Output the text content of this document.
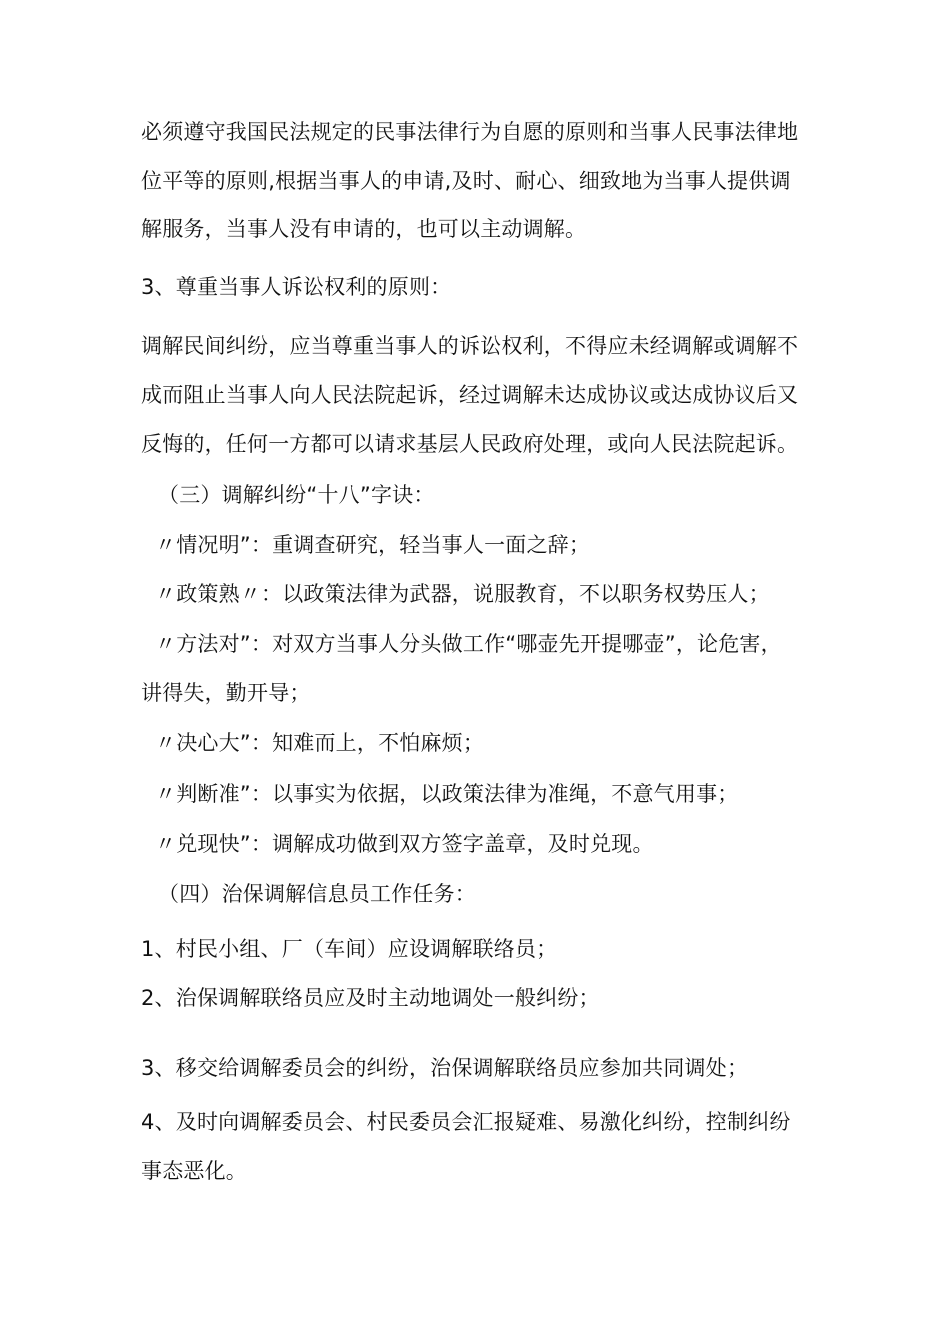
必须遵守我国民法规定的民事法律行为自愿的原则和当事人民事法律地
位平等的原则,根据当事人的申请,及时、耐心、细致地为当事人提供调
解服务，当事人没有申请的，也可以主动调解。
3、尊重当事人诉讼权利的原则：
调解民间纠纷，应当尊重当事人的诉讼权利，不得应未经调解或调解不
成而阻止当事人向人民法院起诉，经过调解未达成协议或达成协议后又
反悔的，任何一方都可以请求基层人民政府处理，或向人民法院起诉。
（三）调解纠纷“十八”字诀：
〃情况明”：重调查研究，轻当事人一面之辞；
〃政策熟〃：以政策法律为武器，说服教育，不以职务权势压人；
〃方法对”：对双方当事人分头做工作“哪壶先开提哪壶”，论危害，
讲得失，勤开导；
〃决心大”：知难而上，不怕麻烦；
〃判断准”：以事实为依据，以政策法律为准绳，不意气用事；
〃兑现快”：调解成功做到双方签字盖章，及时兑现。
（四）治保调解信息员工作任务：
1、村民小组、厂（车间）应设调解联络员；
2、治保调解联络员应及时主动地调处一般纠纷；
3、移交给调解委员会的纠纷，治保调解联络员应参加共同调处；
4、及时向调解委员会、村民委员会汇报疑难、易激化纠纷，控制纠纷
事态恶化。
